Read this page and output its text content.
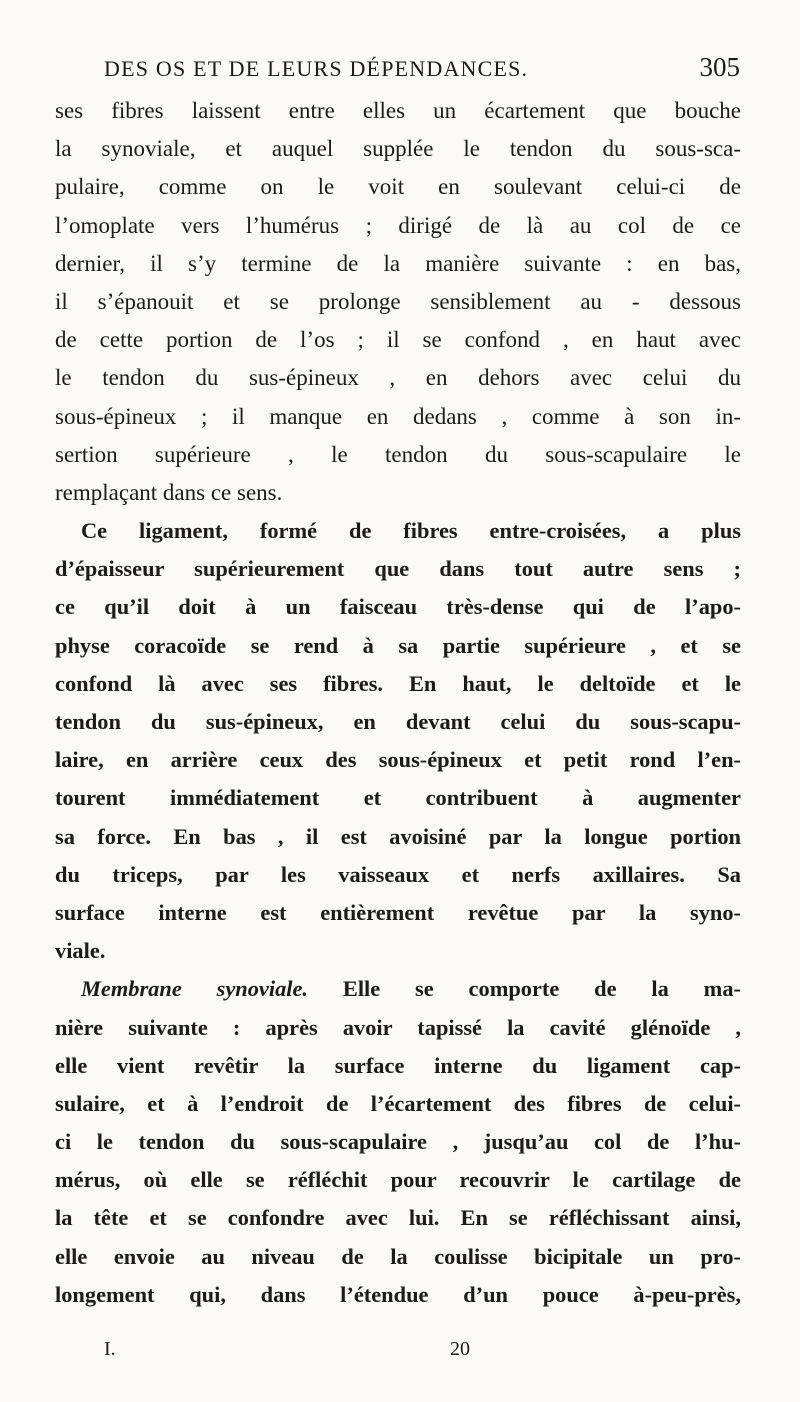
DES OS ET DE LEURS DÉPENDANCES.	305
ses fibres laissent entre elles un écartement que bouche
la synoviale, et auquel supplée le tendon du sous-sca-
pulaire, comme on le voit en soulevant celui-ci de
l’omoplate vers l’humérus ; dirigé de là au col de ce
dernier, il s’y termine de la manière suivante : en bas,
il s’épanouit et se prolonge sensiblement au - dessous
de cette portion de l’os ; il se confond , en haut avec
le tendon du sus-épineux , en dehors avec celui du
sous-épineux ; il manque en dedans , comme à son in-
sertion supérieure , le tendon du sous-scapulaire le
remplaçant dans ce sens.
Ce ligament, formé de fibres entre-croisées, a plus
d’épaisseur supérieurement que dans tout autre sens ;
ce qu’il doit à un faisceau très-dense qui de l’apo-
physe coracoïde se rend à sa partie supérieure , et se
confond là avec ses fibres. En haut, le deltoïde et le
tendon du sus-épineux, en devant celui du sous-scapu-
laire, en arrière ceux des sous-épineux et petit rond l’en-
tourent immédiatement et contribuent à augmenter
sa force. En bas , il est avoisiné par la longue portion
du triceps, par les vaisseaux et nerfs axillaires. Sa
surface interne est entièrement revêtue par la syno-
viale.
Membrane synoviale. Elle se comporte de la ma-
nière suivante : après avoir tapissé la cavité glénoïde ,
elle vient revêtir la surface interne du ligament cap-
sulaire, et à l’endroit de l’écartement des fibres de celui-
ci le tendon du sous-scapulaire , jusqu’au col de l’hu-
mérus, où elle se réfléchit pour recouvrir le cartilage de
la tête et se confondre avec lui. En se réfléchissant ainsi,
elle envoie au niveau de la coulisse bicipitale un pro-
longement qui, dans l’étendue d’un pouce à-peu-près,
I.	20
